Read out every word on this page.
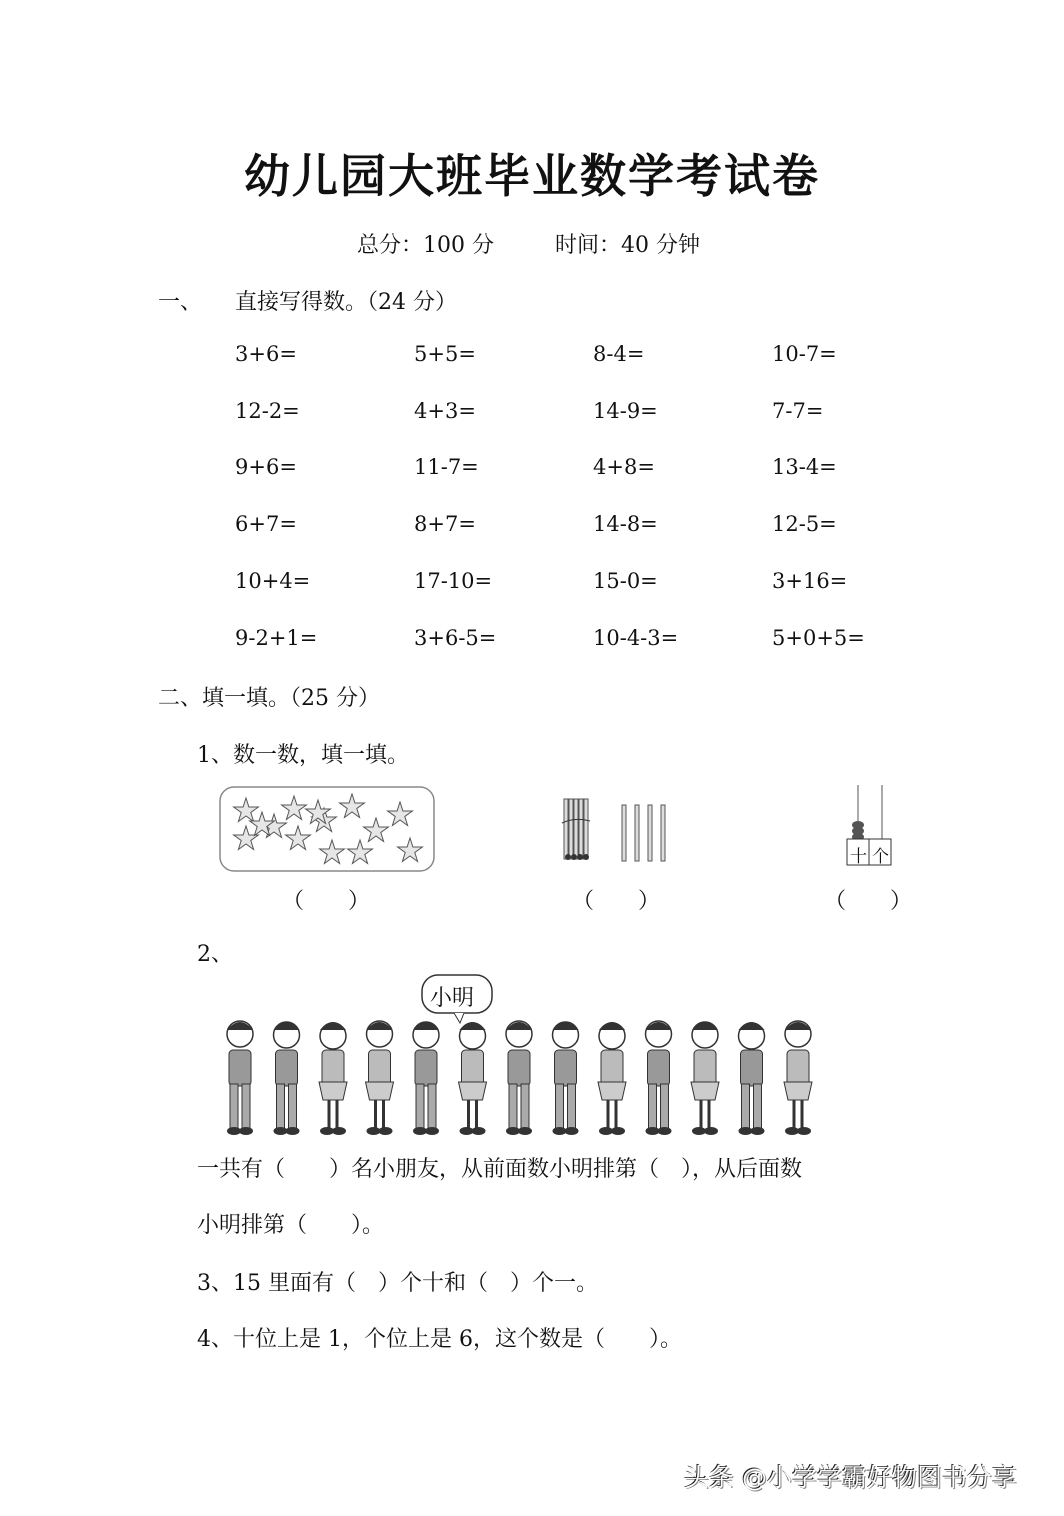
幼儿园大班毕业数学考试卷
总分：100 分	时间：40 分钟
一、 直接写得数。（24 分）
3+6=	5+5=	8-4=	10-7=
12-2=	4+3=	14-9=	7-7=
9+6=	11-7=	4+8=	13-4=
6+7=	8+7=	14-8=	12-5=
10+4=	17-10=	15-0=	3+16=
9-2+1=	3+6-5=	10-4-3=	5+0+5=
二、填一填。（25 分）
1、数一数，填一填。
十 个
（　　）	（　　）	（　　）
2、
小明
一共有（　　）名小朋友，从前面数小明排第（　），从后面数
小明排第（　　）。
3、15 里面有（　）个十和（　）个一。
4、十位上是 1，个位上是 6，这个数是（　　）。
头条 @小学学霸好物图书分享
